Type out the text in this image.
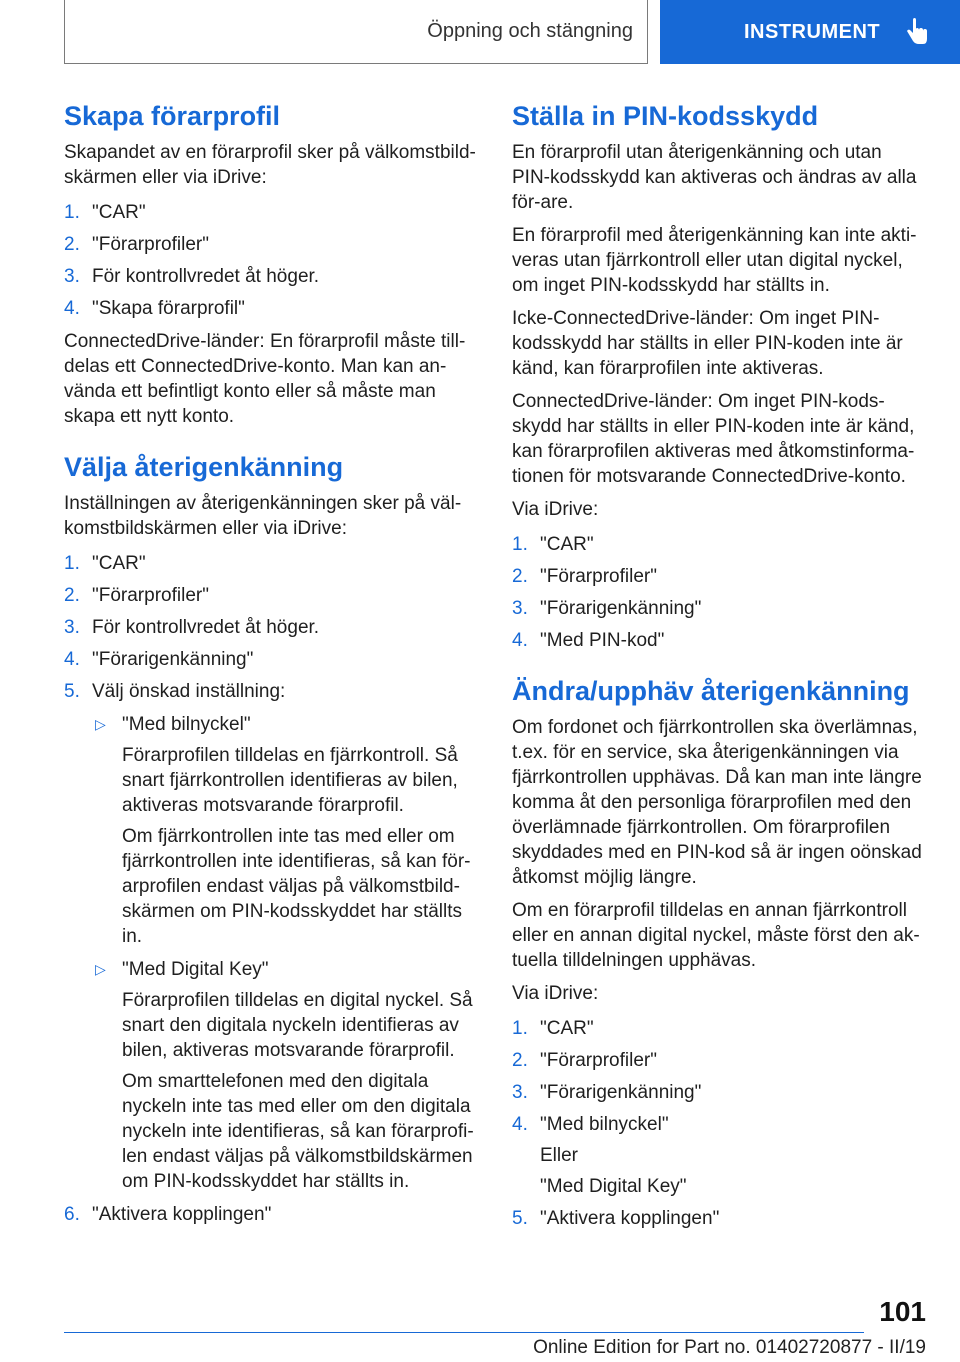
Öppning och stängning	INSTRUMENT
Skapa förarprofil

Skapandet av en förarprofil sker på välkomstbild-skärmen eller via iDrive:

1. "CAR"
2. "Förarprofiler"
3. För kontrollvredet åt höger.
4. "Skapa förarprofil"

ConnectedDrive-länder: En förarprofil måste till-delas ett ConnectedDrive-konto. Man kan an-vända ett befintligt konto eller så måste man skapa ett nytt konto.

Välja återigenkänning

Inställningen av återigenkänningen sker på väl-komstbildskärmen eller via iDrive:

1. "CAR"
2. "Förarprofiler"
3. För kontrollvredet åt höger.
4. "Förarigenkänning"
5. Välj önskad inställning:
▷ "Med bilnyckel"

Förarprofilen tilldelas en fjärrkontroll. Så snart fjärrkontrollen identifieras av bilen, aktiveras motsvarande förarprofil.

Om fjärrkontrollen inte tas med eller om fjärrkontrollen inte identifieras, så kan för-arprofilen endast väljas på välkomstbild-skärmen om PIN-kodsskyddet har ställts in.

▷ "Med Digital Key"

Förarprofilen tilldelas en digital nyckel. Så snart den digitala nyckeln identifieras av bilen, aktiveras motsvarande förarprofil.

Om smarttelefonen med den digitala nyckeln inte tas med eller om den digitala nyckeln inte identifieras, så kan förarprofi-len endast väljas på välkomstbildskärmen om PIN-kodsskyddet har ställts in.

6. "Aktivera kopplingen"
Ställa in PIN-kodsskydd

En förarprofil utan återigenkänning och utan PIN-kodsskydd kan aktiveras och ändras av alla för-are.

En förarprofil med återigenkänning kan inte akti-veras utan fjärrkontroll eller utan digital nyckel, om inget PIN-kodsskydd har ställts in.

Icke-ConnectedDrive-länder: Om inget PIN-kodsskydd har ställts in eller PIN-koden inte är känd, kan förarprofilen inte aktiveras.

ConnectedDrive-länder: Om inget PIN-kods-skydd har ställts in eller PIN-koden inte är känd, kan förarprofilen aktiveras med åtkomstinforma-tionen för motsvarande ConnectedDrive-konto.

Via iDrive:

1. "CAR"
2. "Förarprofiler"
3. "Förarigenkänning"
4. "Med PIN-kod"
Ändra/upphäv återigenkänning

Om fordonet och fjärrkontrollen ska överlämnas, t.ex. för en service, ska återigenkänningen via fjärrkontrollen upphävas. Då kan man inte längre komma åt den personliga förarprofilen med den överlämnade fjärrkontrollen. Om förarprofilen skyddades med en PIN-kod så är ingen oönskad åtkomst möjlig längre.

Om en förarprofil tilldelas en annan fjärrkontroll eller en annan digital nyckel, måste först den ak-tuella tilldelningen upphävas.

Via iDrive:

1. "CAR"
2. "Förarprofiler"
3. "Förarigenkänning"
4. "Med bilnyckel"

Eller

"Med Digital Key"

5. "Aktivera kopplingen"
101
Online Edition for Part no. 01402720877 - II/19
